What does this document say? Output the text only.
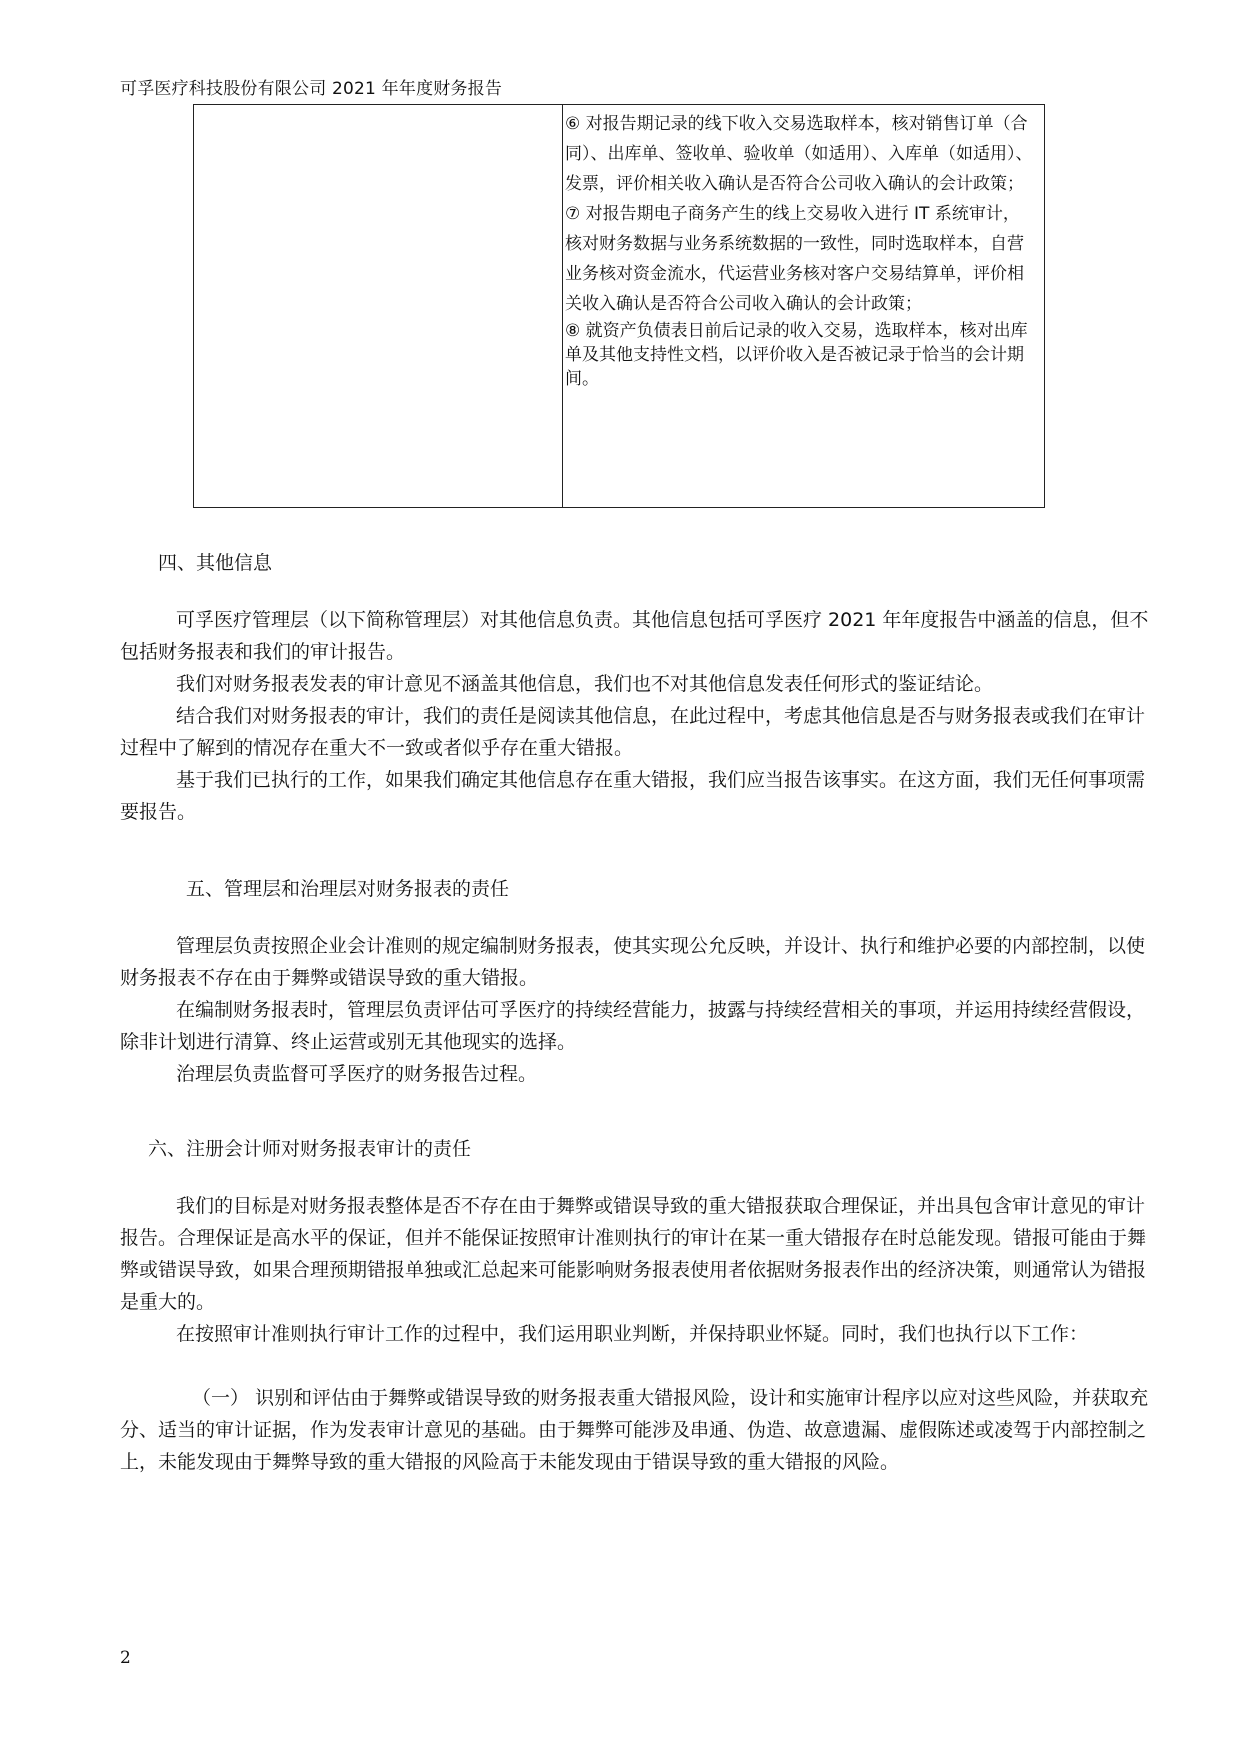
可孚医疗科技股份有限公司 2021 年年度财务报告

⑥ 对报告期记录的线下收入交易选取样本，核对销售订单（合同）、出库单、签收单、验收单（如适用）、入库单（如适用）、发票，评价相关收入确认是否符合公司收入确认的会计政策；

⑦ 对报告期电子商务产生的线上交易收入进行 IT 系统审计，核对财务数据与业务系统数据的一致性，同时选取样本，自营业务核对资金流水，代运营业务核对客户交易结算单，评价相关收入确认是否符合公司收入确认的会计政策；

⑧ 就资产负债表日前后记录的收入交易，选取样本，核对出库单及其他支持性文档，以评价收入是否被记录于恰当的会计期间。

四、其他信息

可孚医疗管理层（以下简称管理层）对其他信息负责。其他信息包括可孚医疗 2021 年年度报告中涵盖的信息，但不包括财务报表和我们的审计报告。

我们对财务报表发表的审计意见不涵盖其他信息，我们也不对其他信息发表任何形式的鉴证结论。

结合我们对财务报表的审计，我们的责任是阅读其他信息，在此过程中，考虑其他信息是否与财务报表或我们在审计过程中了解到的情况存在重大不一致或者似乎存在重大错报。

基于我们已执行的工作，如果我们确定其他信息存在重大错报，我们应当报告该事实。在这方面，我们无任何事项需要报告。

五、管理层和治理层对财务报表的责任

管理层负责按照企业会计准则的规定编制财务报表，使其实现公允反映，并设计、执行和维护必要的内部控制，以使财务报表不存在由于舞弊或错误导致的重大错报。

在编制财务报表时，管理层负责评估可孚医疗的持续经营能力，披露与持续经营相关的事项，并运用持续经营假设，除非计划进行清算、终止运营或别无其他现实的选择。

治理层负责监督可孚医疗的财务报告过程。

六、注册会计师对财务报表审计的责任

我们的目标是对财务报表整体是否不存在由于舞弊或错误导致的重大错报获取合理保证，并出具包含审计意见的审计报告。合理保证是高水平的保证，但并不能保证按照审计准则执行的审计在某一重大错报存在时总能发现。错报可能由于舞弊或错误导致，如果合理预期错报单独或汇总起来可能影响财务报表使用者依据财务报表作出的经济决策，则通常认为错报是重大的。

在按照审计准则执行审计工作的过程中，我们运用职业判断，并保持职业怀疑。同时，我们也执行以下工作：

（一） 识别和评估由于舞弊或错误导致的财务报表重大错报风险，设计和实施审计程序以应对这些风险，并获取充分、适当的审计证据，作为发表审计意见的基础。由于舞弊可能涉及串通、伪造、故意遗漏、虚假陈述或凌驾于内部控制之上，未能发现由于舞弊导致的重大错报的风险高于未能发现由于错误导致的重大错报的风险。

2
